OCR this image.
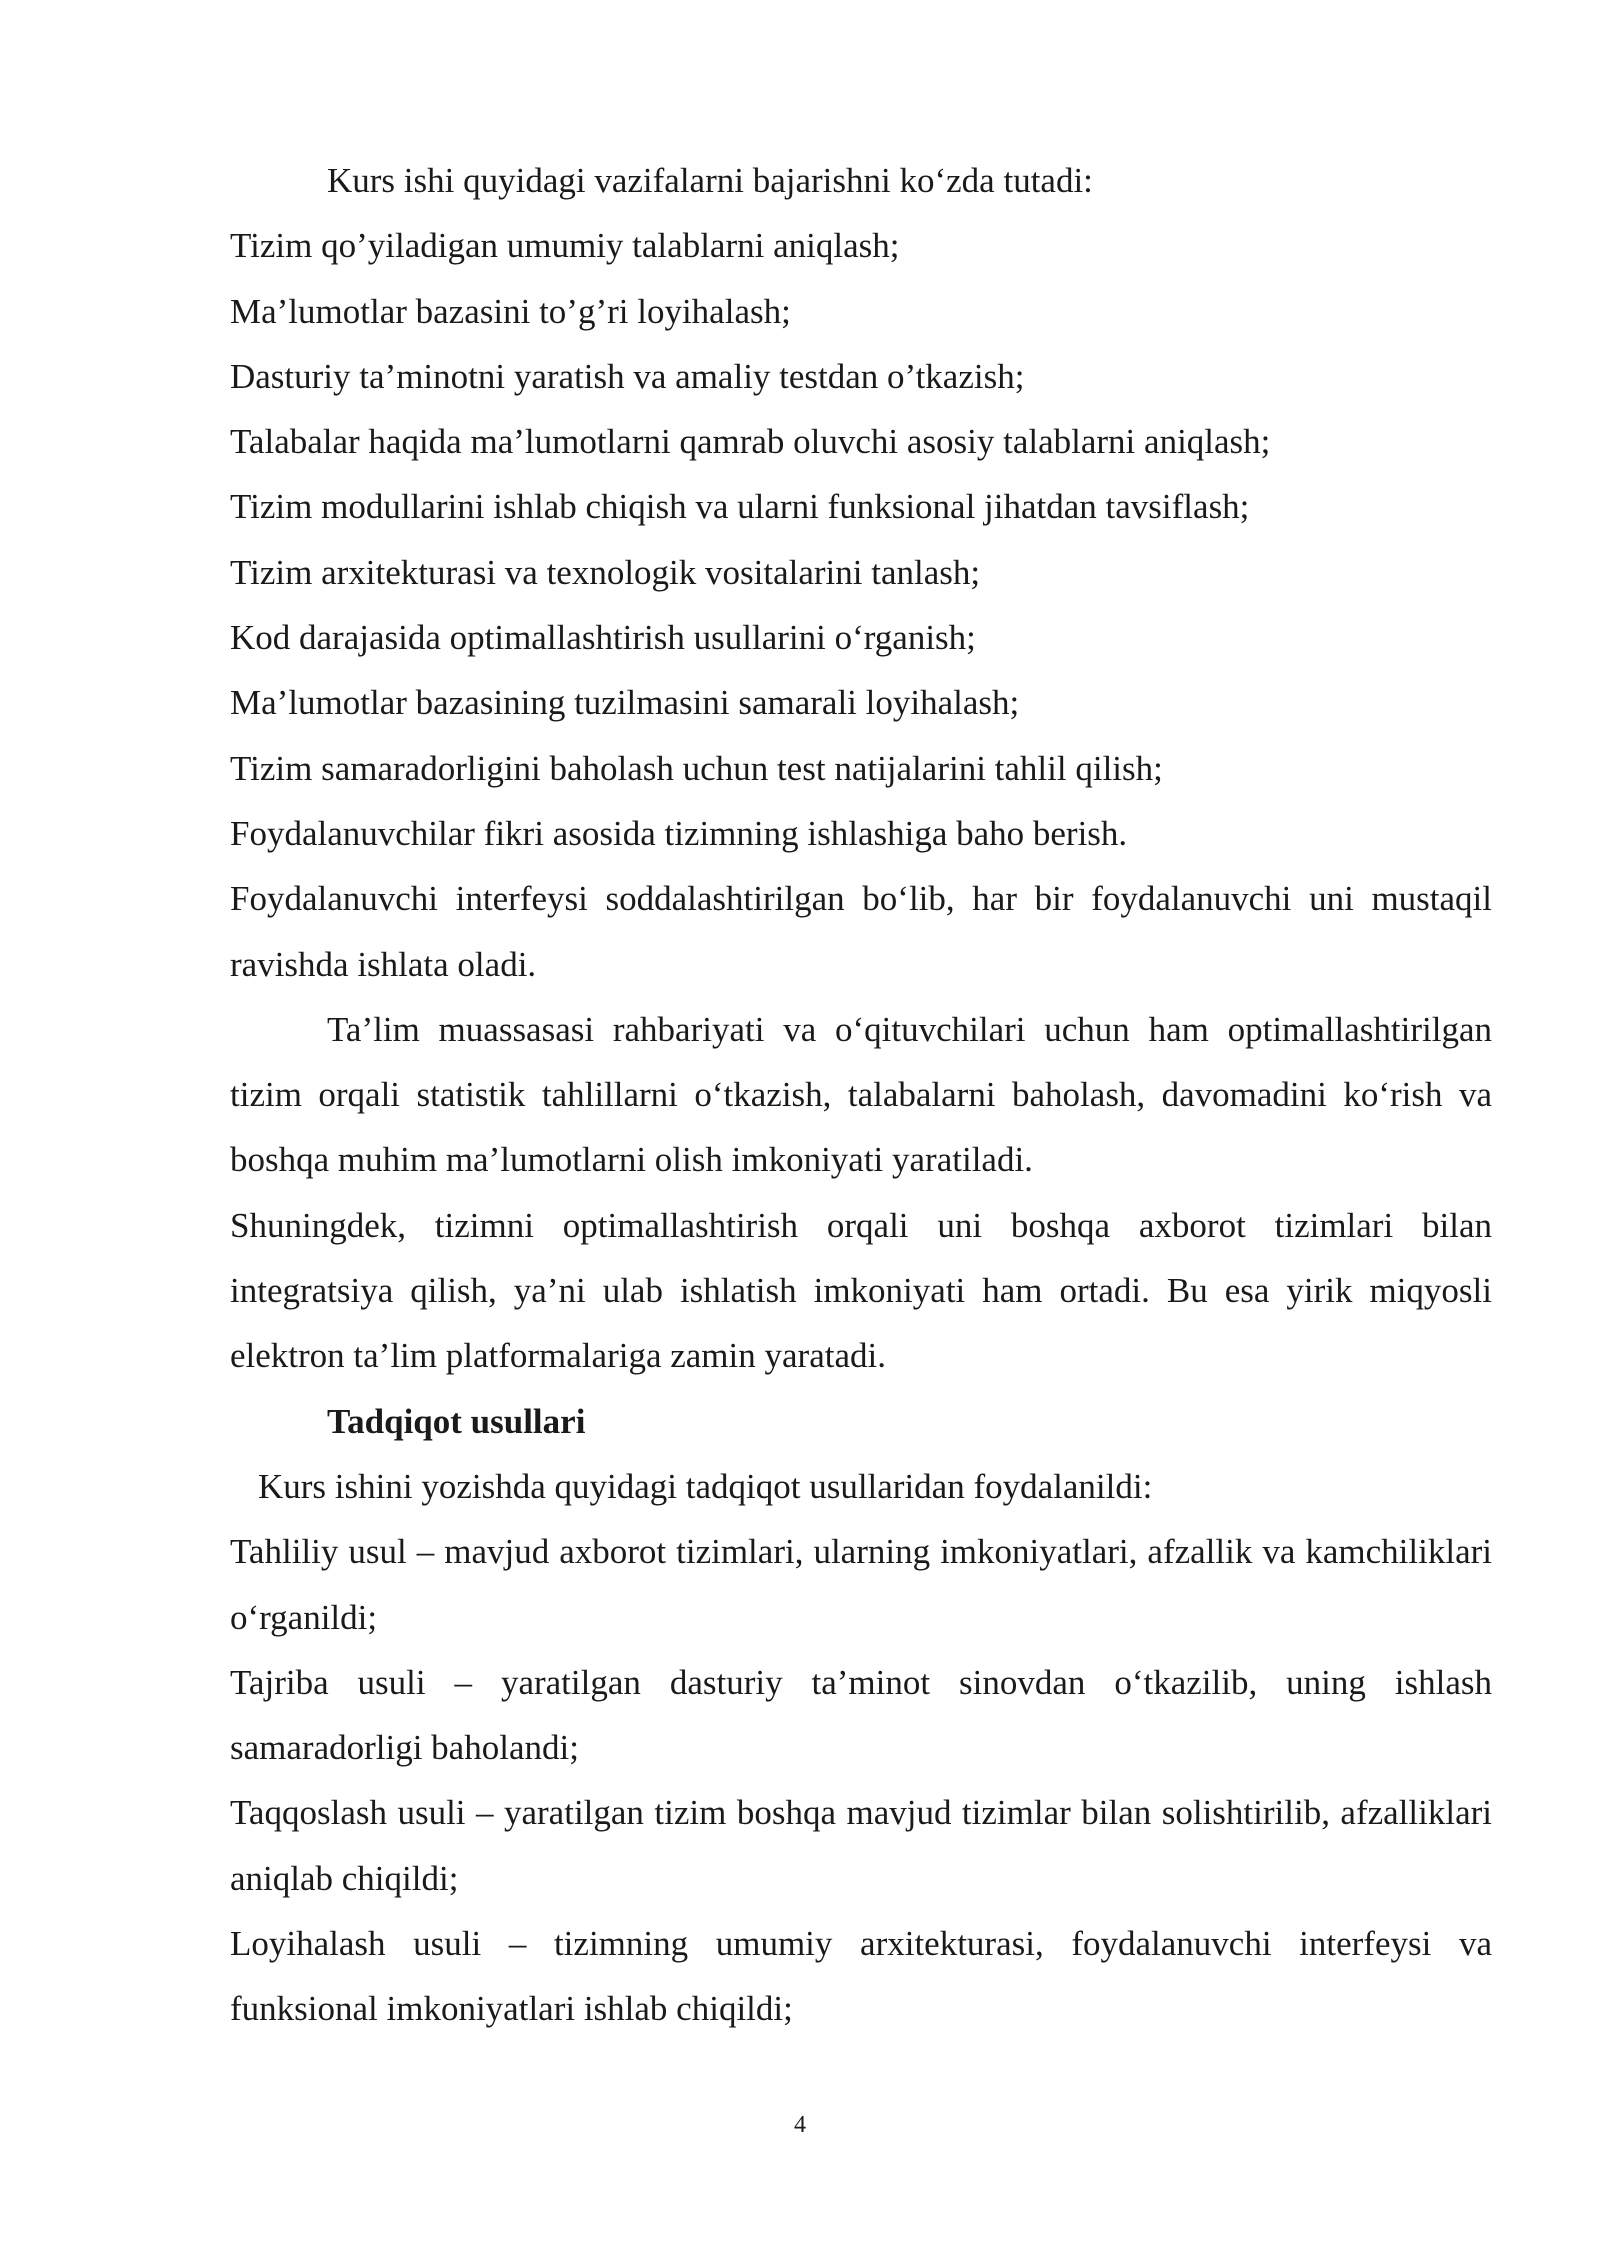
Kurs ishi quyidagi vazifalarni bajarishni ko‘zda tutadi:

Tizim qo’yiladigan umumiy talablarni aniqlash;

Ma’lumotlar bazasini to’g’ri loyihalash;

Dasturiy ta’minotni yaratish va amaliy testdan o’tkazish;

Talabalar haqida ma’lumotlarni qamrab oluvchi asosiy talablarni aniqlash;

Tizim modullarini ishlab chiqish va ularni funksional jihatdan tavsiflash;

Tizim arxitekturasi va texnologik vositalarini tanlash;

Kod darajasida optimallashtirish usullarini o‘rganish;

Ma’lumotlar bazasining tuzilmasini samarali loyihalash;

Tizim samaradorligini baholash uchun test natijalarini tahlil qilish;

Foydalanuvchilar fikri asosida tizimning ishlashiga baho berish.

Foydalanuvchi interfeysi soddalashtirilgan bo‘lib, har bir foydalanuvchi uni mustaqil ravishda ishlata oladi.

Ta’lim muassasasi rahbariyati va o‘qituvchilari uchun ham optimallashtirilgan tizim orqali statistik tahlillarni o‘tkazish, talabalarni baholash, davomadini ko‘rish va boshqa muhim ma’lumotlarni olish imkoniyati yaratiladi.

Shuningdek, tizimni optimallashtirish orqali uni boshqa axborot tizimlari bilan integratsiya qilish, ya’ni ulab ishlatish imkoniyati ham ortadi. Bu esa yirik miqyosli elektron ta’lim platformalariga zamin yaratadi.

Tadqiqot usullari

Kurs ishini yozishda quyidagi tadqiqot usullaridan foydalanildi:

Tahliliy usul – mavjud axborot tizimlari, ularning imkoniyatlari, afzallik va kamchiliklari o‘rganildi;

Tajriba usuli – yaratilgan dasturiy ta’minot sinovdan o‘tkazilib, uning ishlash samaradorligi baholandi;

Taqqoslash usuli – yaratilgan tizim boshqa mavjud tizimlar bilan solishtirilib, afzalliklari aniqlab chiqildi;

Loyihalash usuli – tizimning umumiy arxitekturasi, foydalanuvchi interfeysi va funksional imkoniyatlari ishlab chiqildi;

4
